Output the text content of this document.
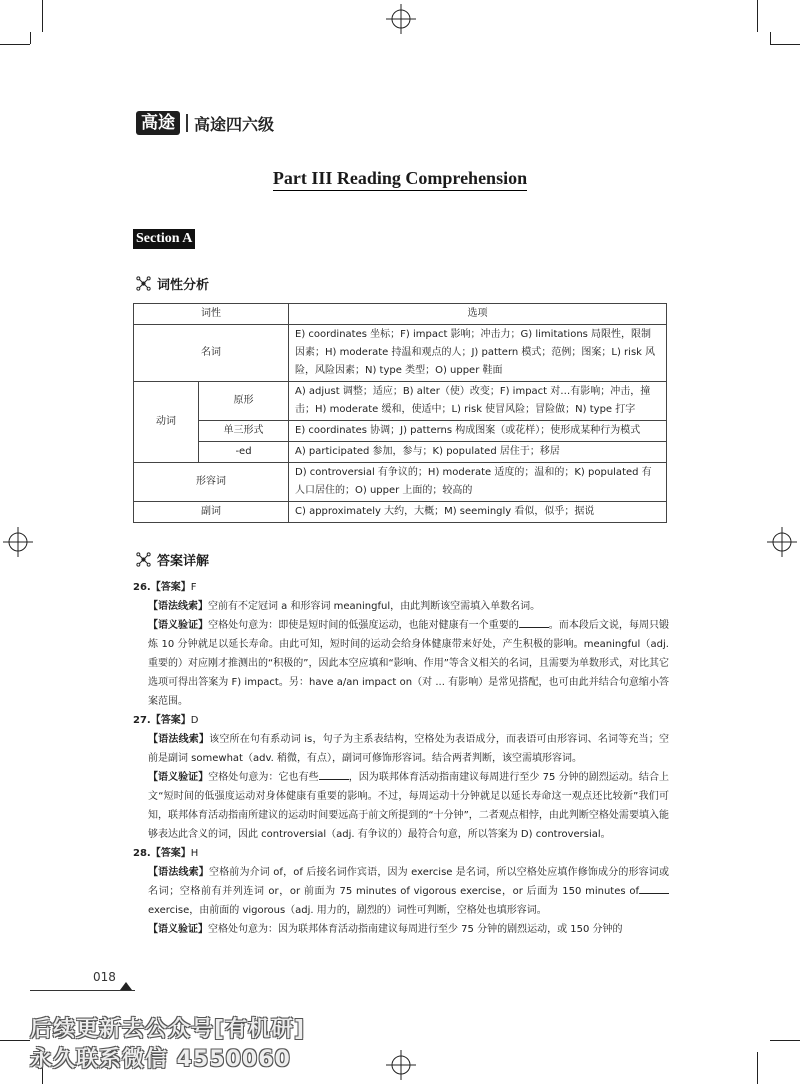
高途	高途四六级
Part III Reading Comprehension
Section A
词性分析
词性		选项
名词		E) coordinates 坐标；F) impact 影响；冲击力；G) limitations 局限性，限制因素；H) moderate 持温和观点的人；J) pattern 模式；范例；图案；L) risk 风险，风险因素；N) type 类型；O) upper 鞋面
动词	原形	A) adjust 调整；适应；B) alter（使）改变；F) impact 对…有影响；冲击，撞击；H) moderate 缓和，使适中；L) risk 使冒风险；冒险做；N) type 打字
	单三形式	E) coordinates 协调；J) patterns 构成图案（或花样）；使形成某种行为模式
	-ed	A) participated 参加，参与；K) populated 居住于；移居
形容词		D) controversial 有争议的；H) moderate 适度的；温和的；K) populated 有人口居住的；O) upper 上面的；较高的
副词		C) approximately 大约，大概；M) seemingly 看似，似乎；据说
答案详解
26.【答案】F
【语法线索】空前有不定冠词 a 和形容词 meaningful，由此判断该空需填入单数名词。
【语义验证】空格处句意为：即使是短时间的低强度运动，也能对健康有一个重要的	。而本段后文说，每周只锻炼 10 分钟就足以延长寿命。由此可知，短时间的运动会给身体健康带来好处，产生积极的影响。meaningful（adj. 重要的）对应刚才推测出的“积极的”，因此本空应填和“影响、作用”等含义相关的名词，且需要为单数形式，对比其它选项可得出答案为 F) impact。另：have a/an impact on（对 ... 有影响）是常见搭配，也可由此并结合句意缩小答案范围。
27.【答案】D
【语法线索】该空所在句有系动词 is，句子为主系表结构，空格处为表语成分，而表语可由形容词、名词等充当；空前是副词 somewhat（adv. 稍微，有点），副词可修饰形容词。结合两者判断，该空需填形容词。
【语义验证】空格处句意为：它也有些	，因为联邦体育活动指南建议每周进行至少 75 分钟的剧烈运动。结合上文“短时间的低强度运动对身体健康有重要的影响。不过，每周运动十分钟就足以延长寿命这一观点还比较新”我们可知，联邦体育活动指南所建议的运动时间要远高于前文所提到的“十分钟”，二者观点相悖，由此判断空格处需要填入能够表达此含义的词，因此 controversial（adj. 有争议的）最符合句意，所以答案为 D) controversial。
28.【答案】H
【语法线索】空格前为介词 of，of 后接名词作宾语，因为 exercise 是名词，所以空格处应填作修饰成分的形容词或名词；空格前有并列连词 or，or 前面为 75 minutes of vigorous exercise，or 后面为 150 minutes ofexercise，由前面的 vigorous（adj. 用力的，剧烈的）词性可判断，空格处也填形容词。
【语义验证】空格处句意为：因为联邦体育活动指南建议每周进行至少 75 分钟的剧烈运动，或 150 分钟的
018
后续更新去公众号[有机研]
永久联系微信 4550060
